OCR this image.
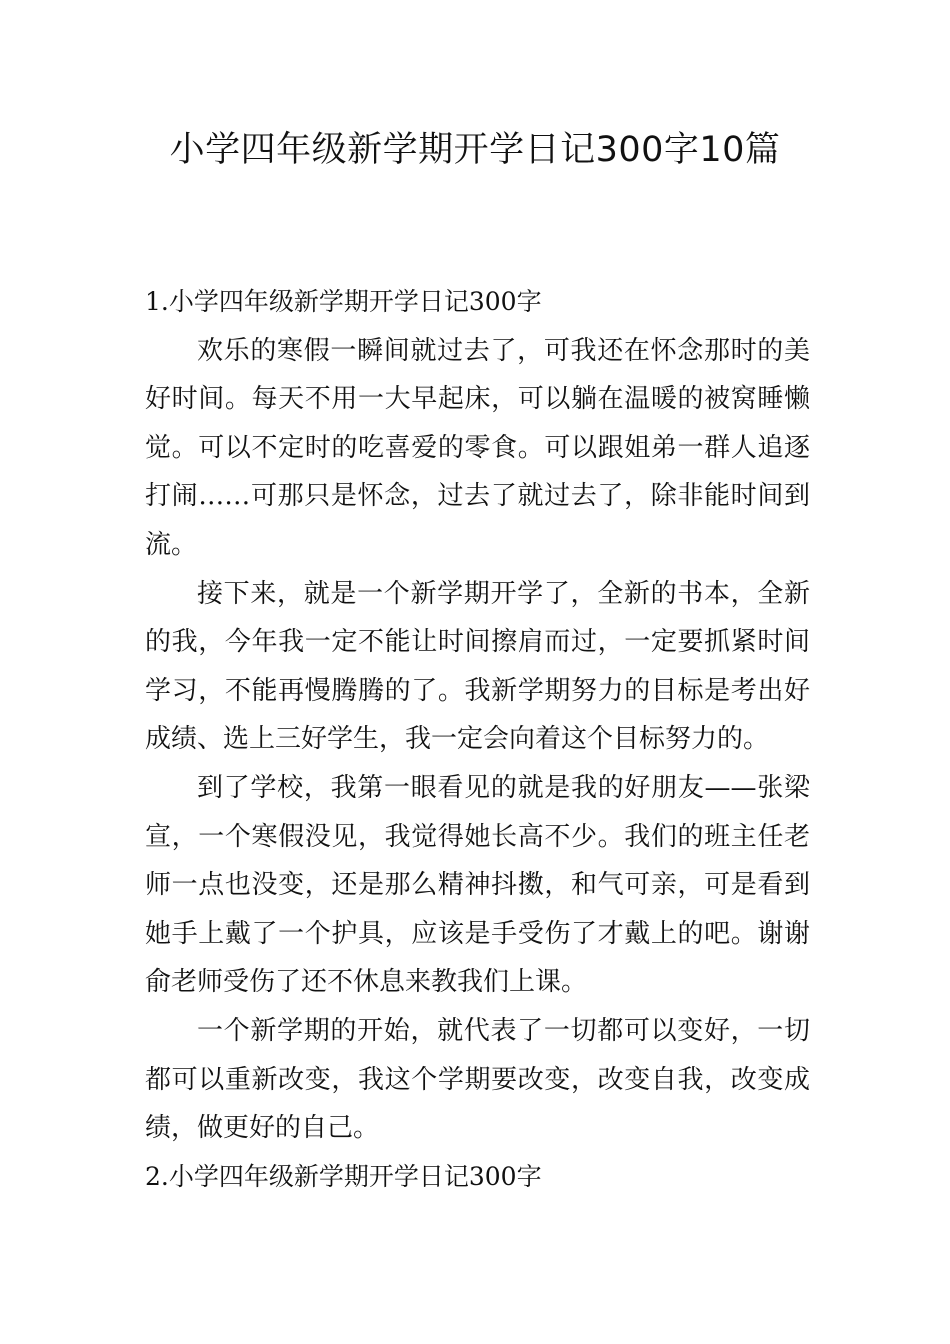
小学四年级新学期开学日记300字10篇
1.小学四年级新学期开学日记300字

欢乐的寒假一瞬间就过去了，可我还在怀念那时的美好时间。每天不用一大早起床，可以躺在温暖的被窝睡懒觉。可以不定时的吃喜爱的零食。可以跟姐弟一群人追逐打闹……可那只是怀念，过去了就过去了，除非能时间到流。

接下来，就是一个新学期开学了，全新的书本，全新的我，今年我一定不能让时间擦肩而过，一定要抓紧时间学习，不能再慢腾腾的了。我新学期努力的目标是考出好成绩、选上三好学生，我一定会向着这个目标努力的。

到了学校，我第一眼看见的就是我的好朋友——张梁宣，一个寒假没见，我觉得她长高不少。我们的班主任老师一点也没变，还是那么精神抖擞，和气可亲，可是看到她手上戴了一个护具，应该是手受伤了才戴上的吧。谢谢俞老师受伤了还不休息来教我们上课。

一个新学期的开始，就代表了一切都可以变好，一切都可以重新改变，我这个学期要改变，改变自我，改变成绩，做更好的自己。

2.小学四年级新学期开学日记300字
